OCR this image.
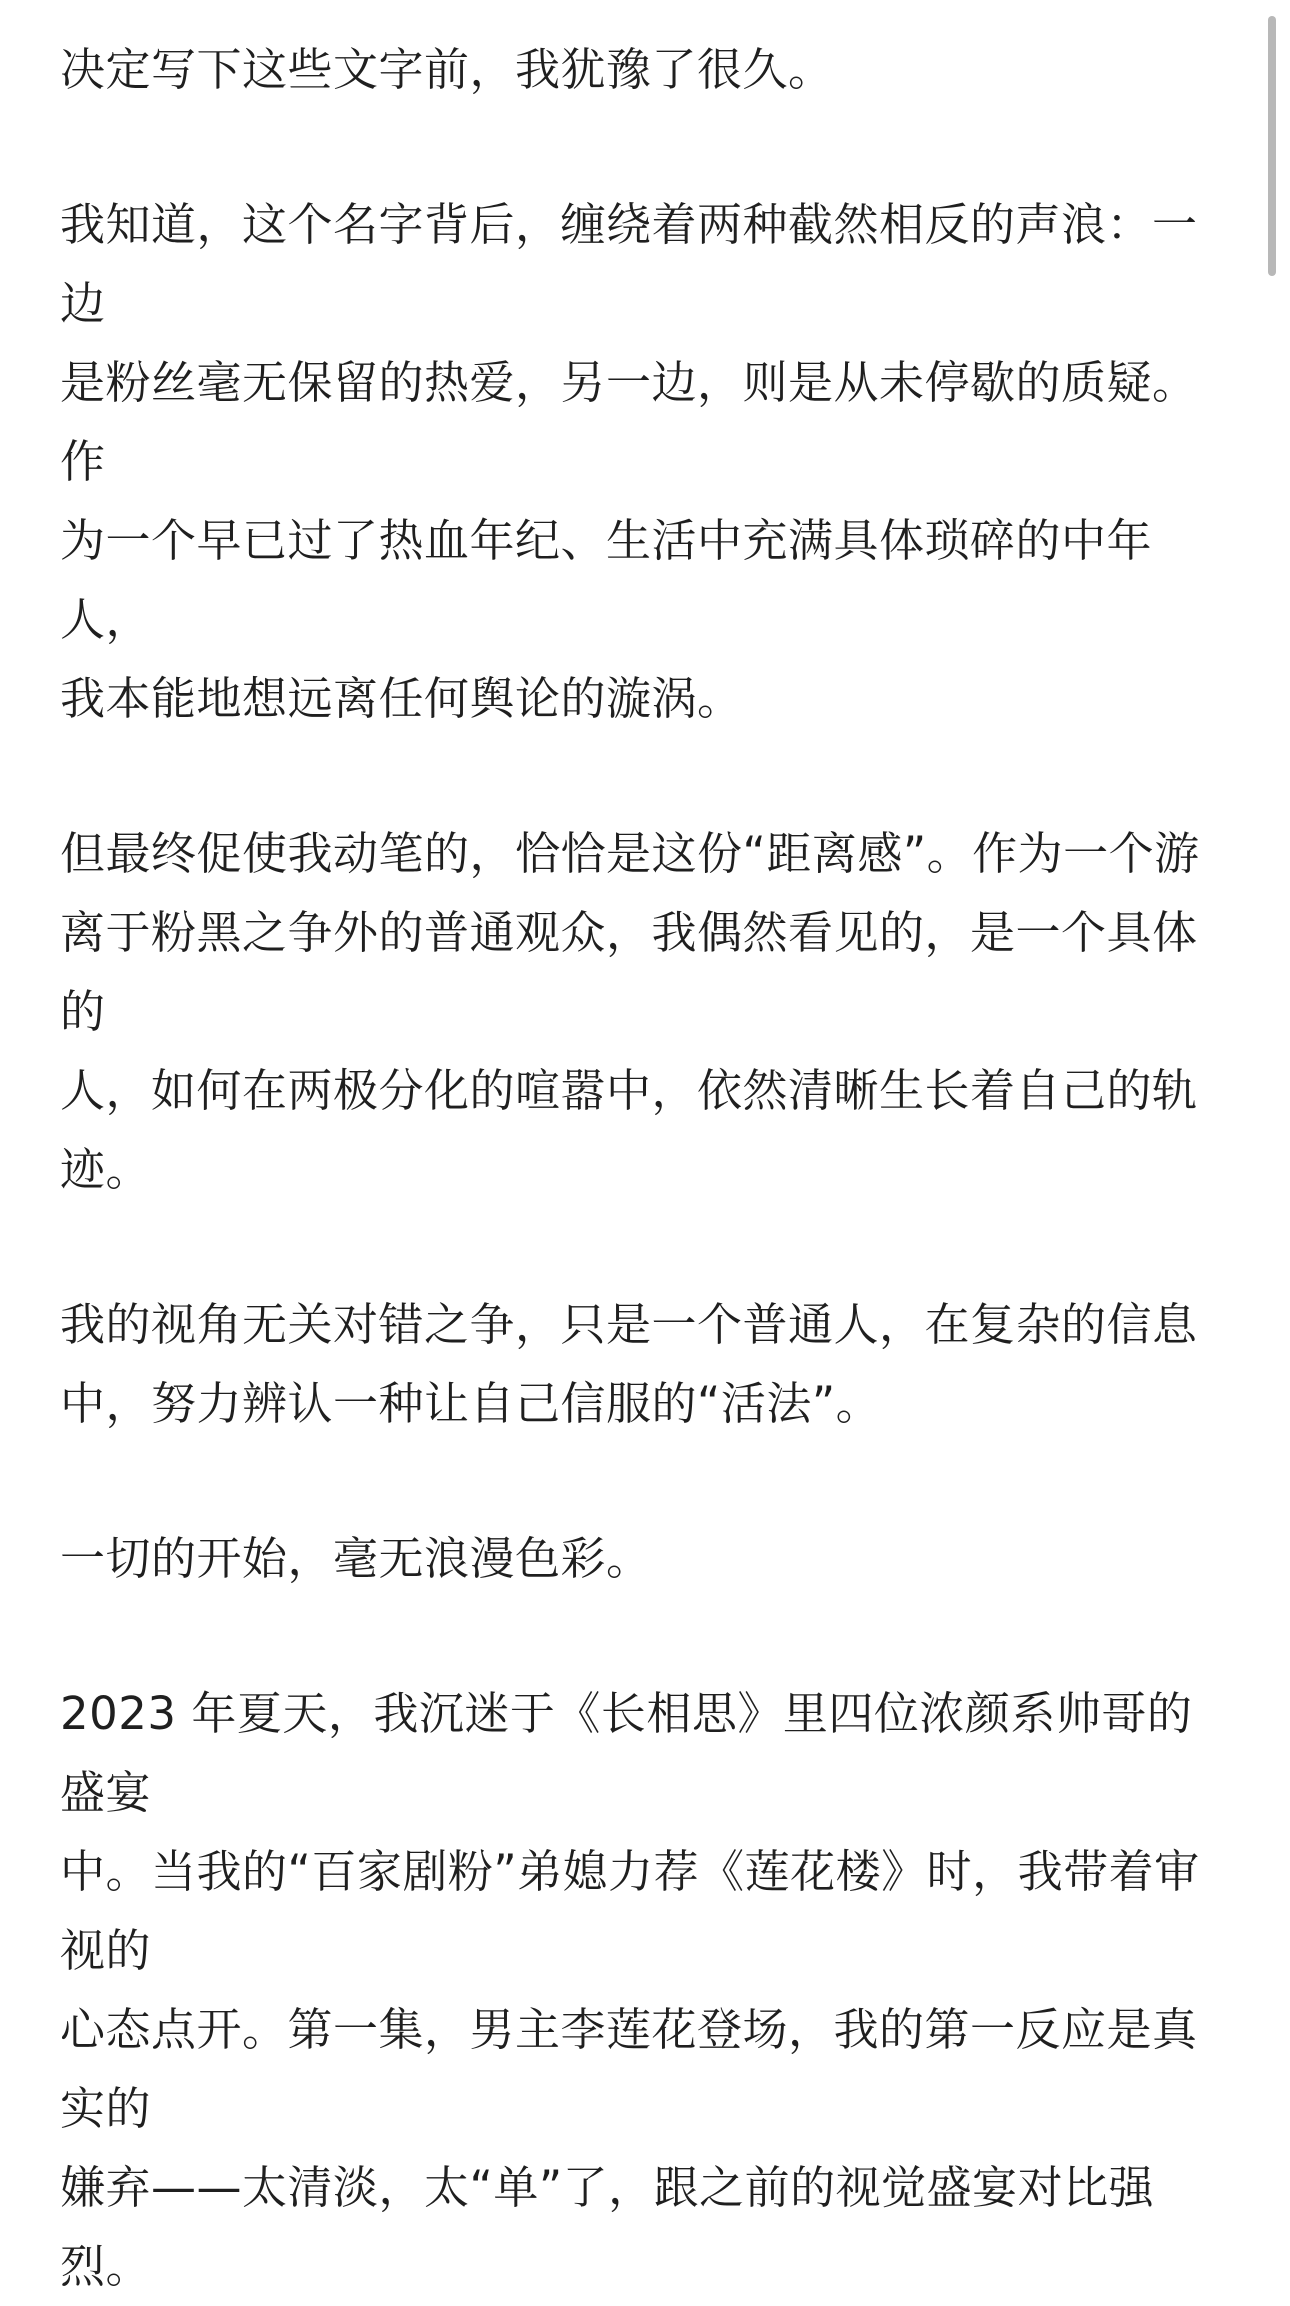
决定写下这些文字前，我犹豫了很久。

我知道，这个名字背后，缠绕着两种截然相反的声浪：一边
是粉丝毫无保留的热爱，另一边，则是从未停歇的质疑。作
为一个早已过了热血年纪、生活中充满具体琐碎的中年人，
我本能地想远离任何舆论的漩涡。

但最终促使我动笔的，恰恰是这份“距离感”。作为一个游
离于粉黑之争外的普通观众，我偶然看见的，是一个具体的
人，如何在两极分化的喧嚣中，依然清晰生长着自己的轨
迹。

我的视角无关对错之争，只是一个普通人，在复杂的信息
中，努力辨认一种让自己信服的“活法”。

一切的开始，毫无浪漫色彩。

2023 年夏天，我沉迷于《长相思》里四位浓颜系帅哥的盛宴
中。当我的“百家剧粉”弟媳力荐《莲花楼》时，我带着审视的
心态点开。第一集，男主李莲花登场，我的第一反应是真实的
嫌弃——太清淡，太“单”了，跟之前的视觉盛宴对比强烈。
